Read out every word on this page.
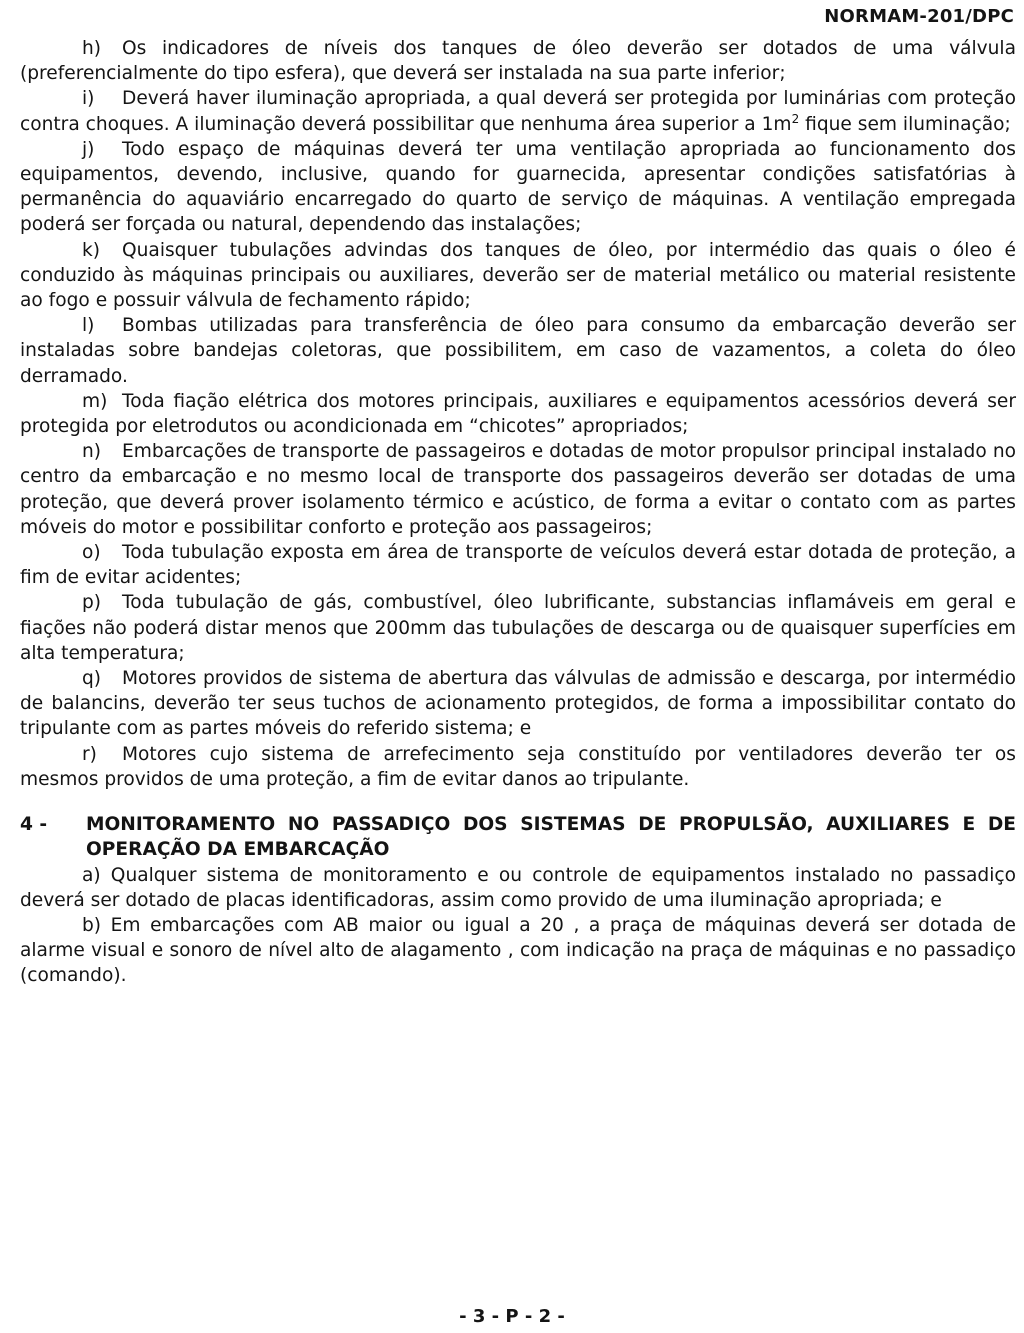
NORMAM-201/DPC

h) Os indicadores de níveis dos tanques de óleo deverão ser dotados de uma válvula (preferencialmente do tipo esfera), que deverá ser instalada na sua parte inferior;

i) Deverá haver iluminação apropriada, a qual deverá ser protegida por luminárias com proteção contra choques. A iluminação deverá possibilitar que nenhuma área superior a $1m^2$ fique sem iluminação;

j) Todo espaço de máquinas deverá ter uma ventilação apropriada ao funcionamento dos equipamentos, devendo, inclusive, quando for guarnecida, apresentar condições satisfatórias à permanência do aquaviário encarregado do quarto de serviço de máquinas. A ventilação empregada poderá ser forçada ou natural, dependendo das instalações;

k) Quaisquer tubulações advindas dos tanques de óleo, por intermédio das quais o óleo é conduzido às máquinas principais ou auxiliares, deverão ser de material metálico ou material resistente ao fogo e possuir válvula de fechamento rápido;

l) Bombas utilizadas para transferência de óleo para consumo da embarcação deverão ser instaladas sobre bandejas coletoras, que possibilitem, em caso de vazamentos, a coleta do óleo derramado.

m) Toda fiação elétrica dos motores principais, auxiliares e equipamentos acessórios deverá ser protegida por eletrodutos ou acondicionada em “chicotes” apropriados;

n) Embarcações de transporte de passageiros e dotadas de motor propulsor principal instalado no centro da embarcação e no mesmo local de transporte dos passageiros deverão ser dotadas de uma proteção, que deverá prover isolamento térmico e acústico, de forma a evitar o contato com as partes móveis do motor e possibilitar conforto e proteção aos passageiros;

o) Toda tubulação exposta em área de transporte de veículos deverá estar dotada de proteção, a fim de evitar acidentes;

p) Toda tubulação de gás, combustível, óleo lubrificante, substancias inflamáveis em geral e fiações não poderá distar menos que 200mm das tubulações de descarga ou de quaisquer superfícies em alta temperatura;

q) Motores providos de sistema de abertura das válvulas de admissão e descarga, por intermédio de balancins, deverão ter seus tuchos de acionamento protegidos, de forma a impossibilitar contato do tripulante com as partes móveis do referido sistema; e

r) Motores cujo sistema de arrefecimento seja constituído por ventiladores deverão ter os mesmos providos de uma proteção, a fim de evitar danos ao tripulante.

4 -	MONITORAMENTO NO PASSADIÇO DOS SISTEMAS DE PROPULSÃO, AUXILIARES E DE OPERAÇÃO DA EMBARCAÇÃO

a) Qualquer sistema de monitoramento e ou controle de equipamentos instalado no passadiço deverá ser dotado de placas identificadoras, assim como provido de uma iluminação apropriada; e

b) Em embarcações com AB maior ou igual a 20 , a praça de máquinas deverá ser dotada de alarme visual e sonoro de nível alto de alagamento , com indicação na praça de máquinas e no passadiço (comando).

- 3 - P - 2 -
